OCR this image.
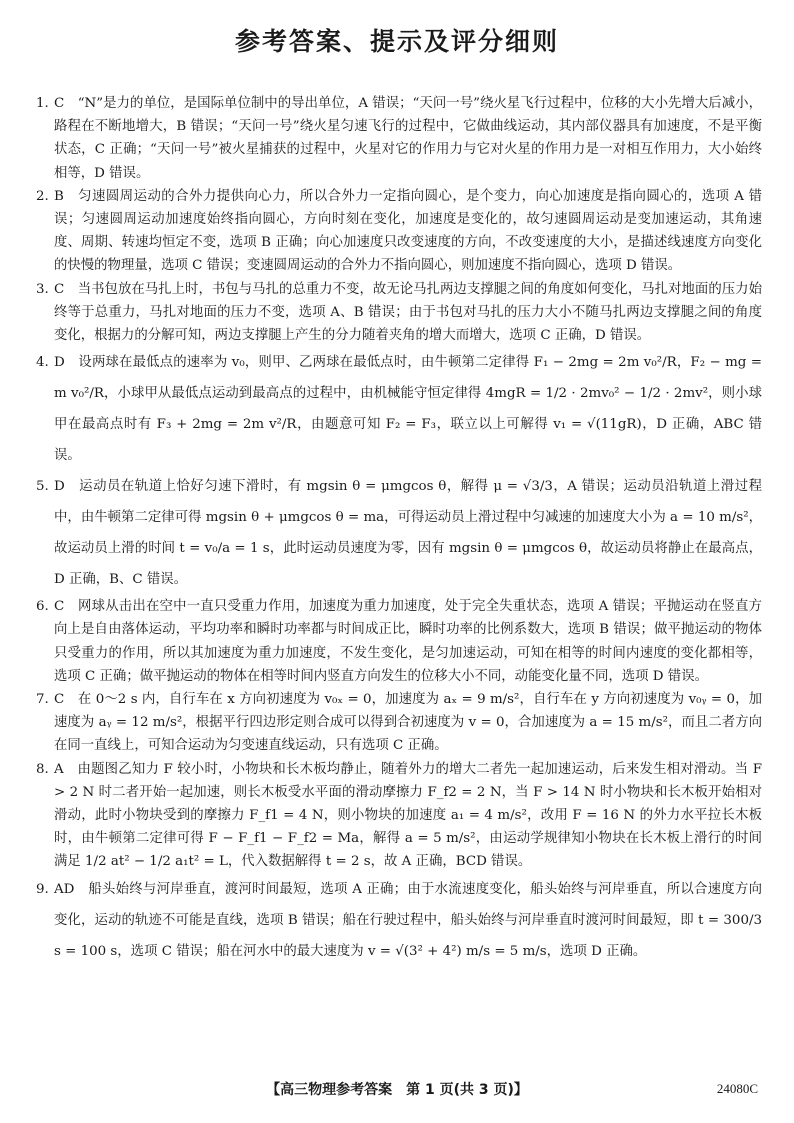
参考答案、提示及评分细则
1. C　“N”是力的单位，是国际单位制中的导出单位，A 错误；“天问一号”绕火星飞行过程中，位移的大小先增大后减小，路程在不断地增大，B 错误；“天问一号”绕火星匀速飞行的过程中，它做曲线运动，其内部仪器具有加速度，不是平衡状态，C 正确；“天问一号”被火星捕获的过程中，火星对它的作用力与它对火星的作用力是一对相互作用力，大小始终相等，D 错误。
2. B　匀速圆周运动的合外力提供向心力，所以合外力一定指向圆心，是个变力，向心加速度是指向圆心的，选项 A 错误；匀速圆周运动加速度始终指向圆心，方向时刻在变化，加速度是变化的，故匀速圆周运动是变加速运动，其角速度、周期、转速均恒定不变，选项 B 正确；向心加速度只改变速度的方向，不改变速度的大小，是描述线速度方向变化的快慢的物理量，选项 C 错误；变速圆周运动的合外力不指向圆心，则加速度不指向圆心，选项 D 错误。
3. C　当书包放在马扎上时，书包与马扎的总重力不变，故无论马扎两边支撑腿之间的角度如何变化，马扎对地面的压力始终等于总重力，马扎对地面的压力不变，选项 A、B 错误；由于书包对马扎的压力大小不随马扎两边支撑腿之间的角度变化，根据力的分解可知，两边支撑腿上产生的分力随着夹角的增大而增大，选项 C 正确，D 错误。
4. D　设两球在最低点的速率为 v₀，则甲、乙两球在最低点时，由牛顿第二定律得 F₁ − 2mg = 2m v₀²/R，F₂ − mg = m v₀²/R，小球甲从最低点运动到最高点的过程中，由机械能守恒定律得 4mgR = 1/2 · 2mv₀² − 1/2 · 2mv²，则小球甲在最高点时有 F₃ + 2mg = 2m v²/R，由题意可知 F₂ = F₃，联立以上可解得 v₁ = √(11gR)，D 正确，ABC 错误。
5. D　运动员在轨道上恰好匀速下滑时，有 mgsin θ = μmgcos θ，解得 μ = √3/3，A 错误；运动员沿轨道上滑过程中，由牛顿第二定律可得 mgsin θ + μmgcos θ = ma，可得运动员上滑过程中匀减速的加速度大小为 a = 10 m/s²，故运动员上滑的时间 t = v₀/a = 1 s，此时运动员速度为零，因有 mgsin θ = μmgcos θ，故运动员将静止在最高点，D 正确，B、C 错误。
6. C　网球从击出在空中一直只受重力作用，加速度为重力加速度，处于完全失重状态，选项 A 错误；平抛运动在竖直方向上是自由落体运动，平均功率和瞬时功率都与时间成正比，瞬时功率的比例系数大，选项 B 错误；做平抛运动的物体只受重力的作用，所以其加速度为重力加速度，不发生变化，是匀加速运动，可知在相等的时间内速度的变化都相等，选项 C 正确；做平抛运动的物体在相等时间内竖直方向发生的位移大小不同，动能变化量不同，选项 D 错误。
7. C　在 0～2 s 内，自行车在 x 方向初速度为 v₀ₓ = 0，加速度为 aₓ = 9 m/s²，自行车在 y 方向初速度为 v₀ᵧ = 0，加速度为 aᵧ = 12 m/s²，根据平行四边形定则合成可以得到合初速度为 v = 0，合加速度为 a = 15 m/s²，而且二者方向在同一直线上，可知合运动为匀变速直线运动，只有选项 C 正确。
8. A　由题图乙知力 F 较小时，小物块和长木板均静止，随着外力的增大二者先一起加速运动，后来发生相对滑动。当 F > 2 N 时二者开始一起加速，则长木板受水平面的滑动摩擦力 F_f2 = 2 N，当 F > 14 N 时小物块和长木板开始相对滑动，此时小物块受到的摩擦力 F_f1 = 4 N，则小物块的加速度 a₁ = 4 m/s²，改用 F = 16 N 的外力水平拉长木板时，由牛顿第二定律可得 F − F_f1 − F_f2 = Ma，解得 a = 5 m/s²，由运动学规律知小物块在长木板上滑行的时间满足 1/2 at² − 1/2 a₁t² = L，代入数据解得 t = 2 s，故 A 正确，BCD 错误。
9. AD　船头始终与河岸垂直，渡河时间最短，选项 A 正确；由于水流速度变化，船头始终与河岸垂直，所以合速度方向变化，运动的轨迹不可能是直线，选项 B 错误；船在行驶过程中，船头始终与河岸垂直时渡河时间最短，即 t = 300/3 s = 100 s，选项 C 错误；船在河水中的最大速度为 v = √(3² + 4²) m/s = 5 m/s，选项 D 正确。
【高三物理参考答案　第 1 页(共 3 页)】	24080C
